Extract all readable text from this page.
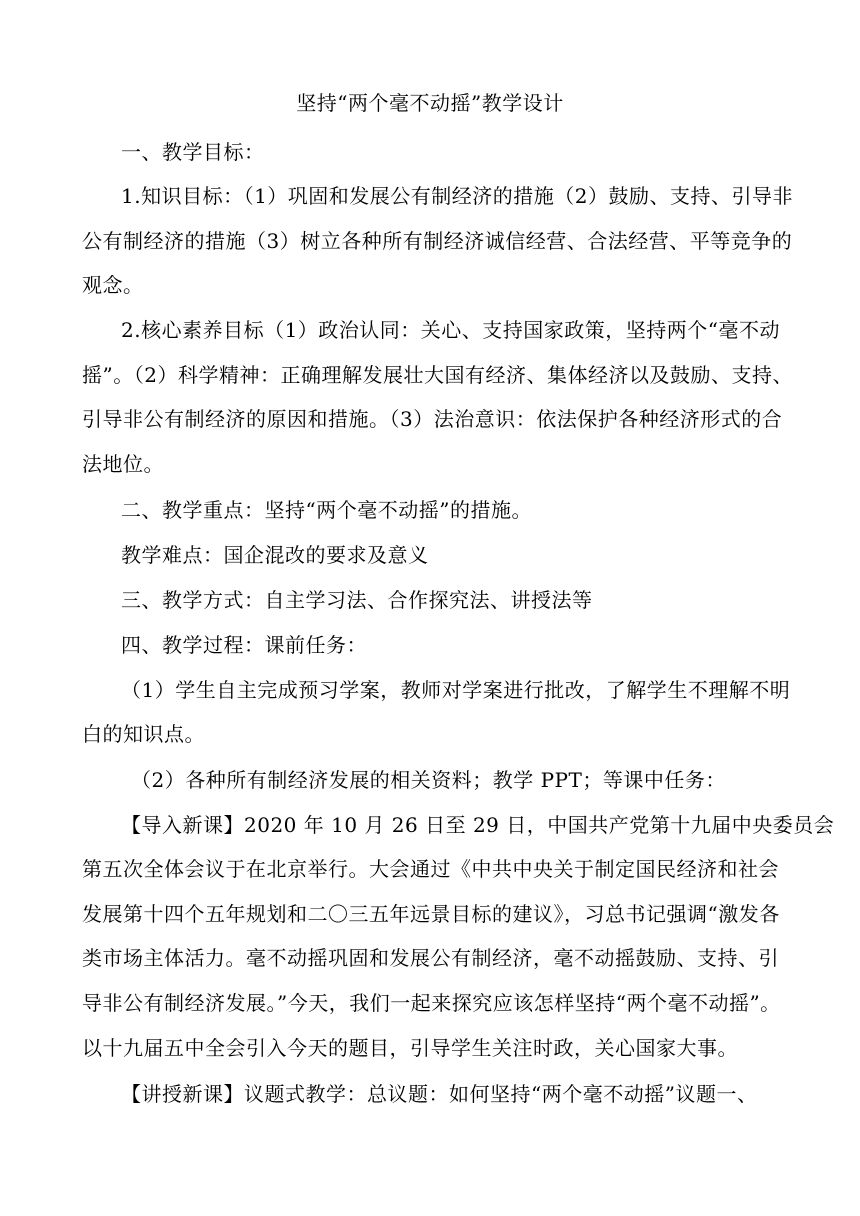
坚持“两个毫不动摇”教学设计
一、教学目标：
1.知识目标：（1）巩固和发展公有制经济的措施（2）鼓励、支持、引导非
公有制经济的措施（3）树立各种所有制经济诚信经营、合法经营、平等竞争的
观念。
2.核心素养目标（1）政治认同：关心、支持国家政策，坚持两个“毫不动
摇”。（2）科学精神：正确理解发展壮大国有经济、集体经济以及鼓励、支持、
引导非公有制经济的原因和措施。（3）法治意识：依法保护各种经济形式的合
法地位。
二、教学重点：坚持“两个毫不动摇”的措施。
教学难点：国企混改的要求及意义
三、教学方式：自主学习法、合作探究法、讲授法等
四、教学过程：课前任务：
（1）学生自主完成预习学案，教师对学案进行批改，了解学生不理解不明
白的知识点。
（2）各种所有制经济发展的相关资料；教学 PPT；等课中任务：
【导入新课】2020 年 10 月 26 日至 29 日，中国共产党第十九届中央委员会
第五次全体会议于在北京举行。大会通过《中共中央关于制定国民经济和社会
发展第十四个五年规划和二〇三五年远景目标的建议》，习总书记强调“激发各
类市场主体活力。毫不动摇巩固和发展公有制经济，毫不动摇鼓励、支持、引
导非公有制经济发展。”今天，我们一起来探究应该怎样坚持“两个毫不动摇”。
以十九届五中全会引入今天的题目，引导学生关注时政，关心国家大事。
【讲授新课】议题式教学：总议题：如何坚持“两个毫不动摇”议题一、
